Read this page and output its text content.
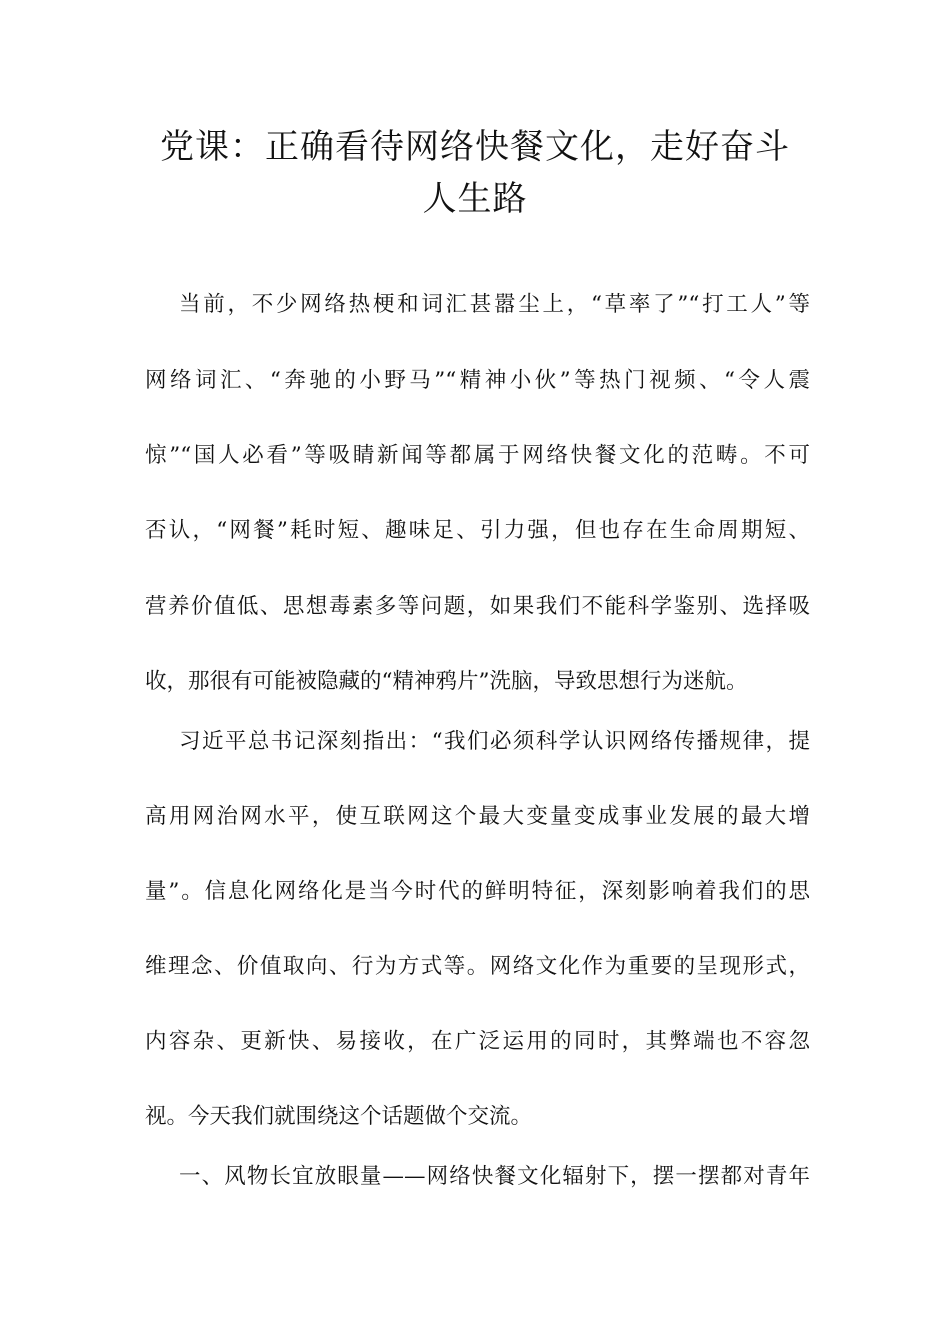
党课：正确看待网络快餐文化，走好奋斗
人生路

当前，不少网络热梗和词汇甚嚣尘上，“草率了”“打工人”等

网络词汇、“奔驰的小野马”“精神小伙”等热门视频、“令人震

惊”“国人必看”等吸睛新闻等都属于网络快餐文化的范畴。不可

否认，“网餐”耗时短、趣味足、引力强，但也存在生命周期短、

营养价值低、思想毒素多等问题，如果我们不能科学鉴别、选择吸

收，那很有可能被隐藏的“精神鸦片”洗脑，导致思想行为迷航。

习近平总书记深刻指出：“我们必须科学认识网络传播规律，提

高用网治网水平，使互联网这个最大变量变成事业发展的最大增

量”。信息化网络化是当今时代的鲜明特征，深刻影响着我们的思

维理念、价值取向、行为方式等。网络文化作为重要的呈现形式，

内容杂、更新快、易接收，在广泛运用的同时，其弊端也不容忽

视。今天我们就围绕这个话题做个交流。

一、风物长宜放眼量——网络快餐文化辐射下，摆一摆都对青年
